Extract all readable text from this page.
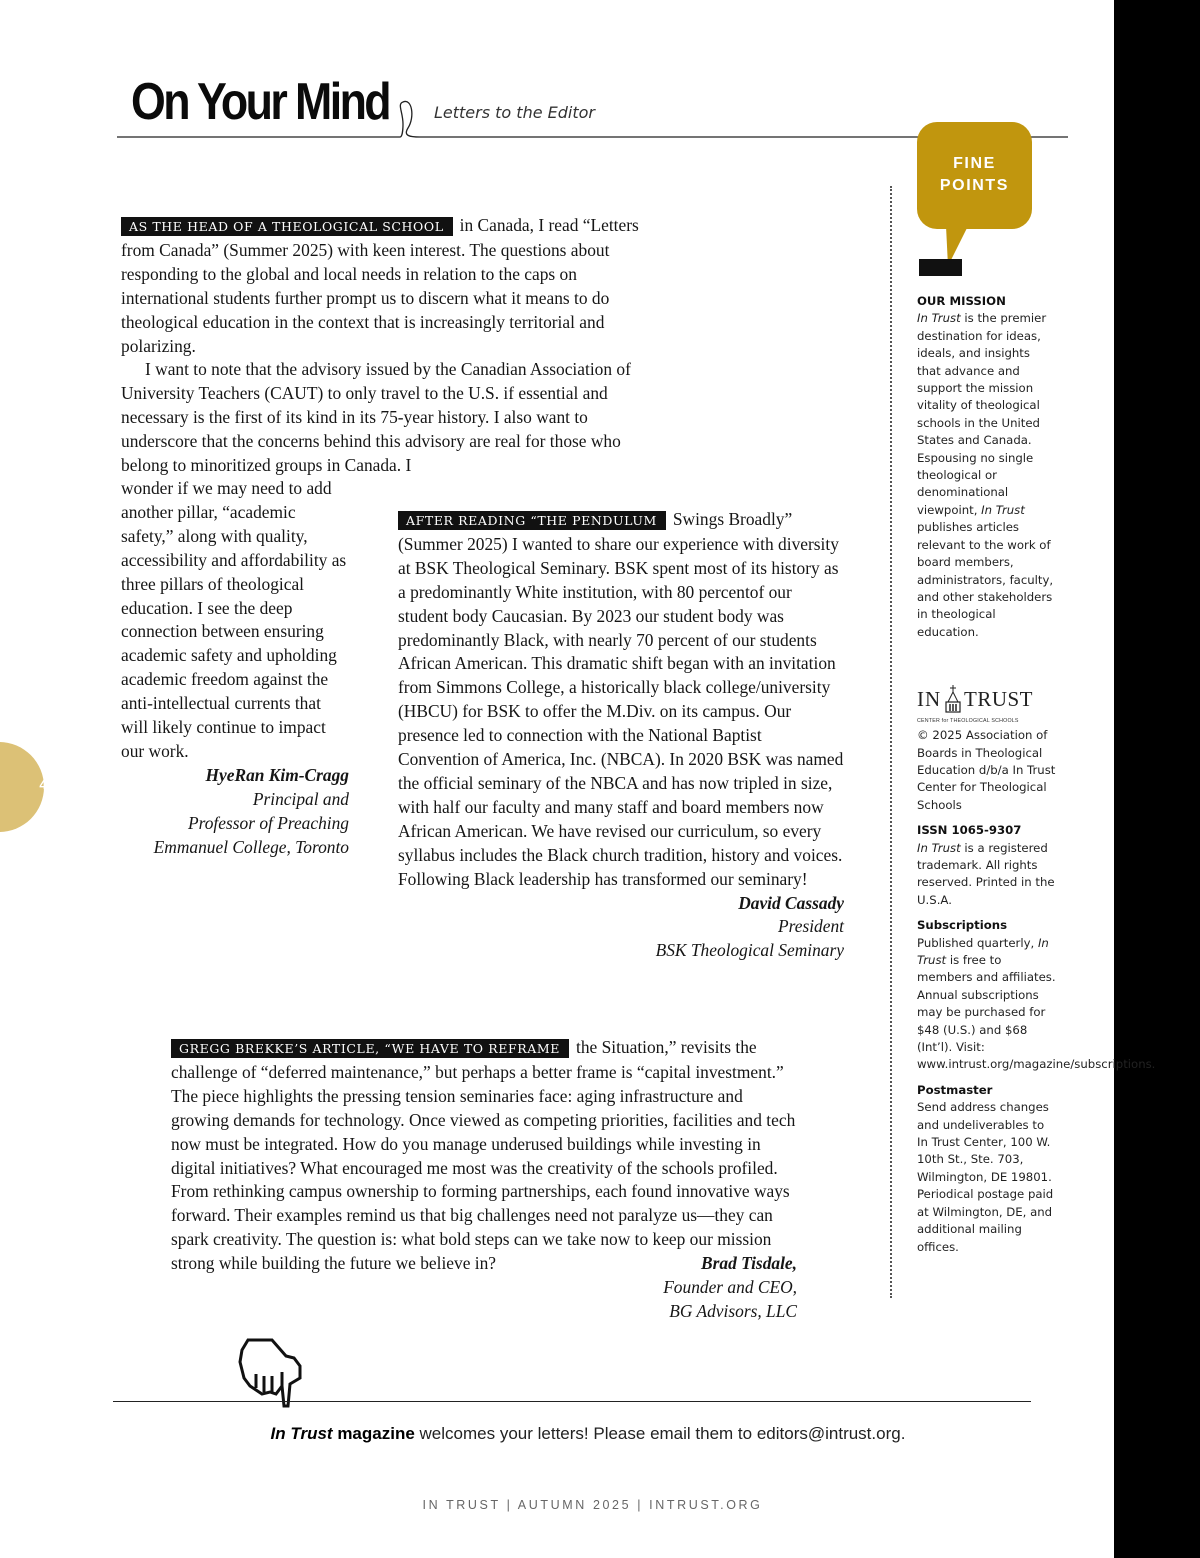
On Your Mind	Letters to the Editor

AS THE HEAD OF A THEOLOGICAL SCHOOL in Canada, I read “Letters from Canada” (Summer 2025) with keen interest. The questions about responding to the global and local needs in relation to the caps on international students further prompt us to discern what it means to do theological education in the context that is increasingly territorial and polarizing.

I want to note that the advisory issued by the Canadian Association of University Teachers (CAUT) to only travel to the U.S. if essential and necessary is the first of its kind in its 75-year history. I also want to underscore that the concerns behind this advisory are real for those who belong to minoritized groups in Canada. I

wonder if we may need to add another pillar, “academic safety,” along with quality, accessibility and affordability as three pillars of theological education. I see the deep connection between ensuring academic safety and upholding academic freedom against the anti-intellectual currents that will likely continue to impact our work.

HyeRan Kim-Cragg
Principal and
Professor of Preaching
Emmanuel College, Toronto

AFTER READING “THE PENDULUM Swings Broadly” (Summer 2025) I wanted to share our experience with diversity at BSK Theological Seminary. BSK spent most of its history as a predominantly White institution, with 80 percentof our student body Caucasian. By 2023 our student body was predominantly Black, with nearly 70 percent of our students African American. This dramatic shift began with an invitation from Simmons College, a historically black college/university (HBCU) for BSK to offer the M.Div. on its campus. Our presence led to connection with the National Baptist Convention of America, Inc. (NBCA). In 2020 BSK was named the official seminary of the NBCA and has now tripled in size, with half our faculty and many staff and board members now African American. We have revised our curriculum, so every syllabus includes the Black church tradition, history and voices. Following Black leadership has transformed our seminary!

David Cassady
President
BSK Theological Seminary

GREGG BREKKE’S ARTICLE, “WE HAVE TO REFRAME the Situation,” revisits the challenge of “deferred maintenance,” but perhaps a better frame is “capital investment.” The piece highlights the pressing tension seminaries face: aging infrastructure and growing demands for technology. Once viewed as competing priorities, facilities and tech now must be integrated. How do you manage underused buildings while investing in digital initiatives? What encouraged me most was the creativity of the schools profiled. From rethinking campus ownership to forming partnerships, each found innovative ways forward. Their examples remind us that big challenges need not paralyze us—they can spark creativity. The question is: what bold steps can we take now to keep our mission strong while building the future we believe in?	Brad Tisdale,
Founder and CEO,
BG Advisors, LLC
FINE
POINTS

OUR MISSION

In Trust is the premier destination for ideas, ideals, and insights that advance and support the mission vitality of theological schools in the United States and Canada. Espousing no single theological or denominational viewpoint, In Trust publishes articles relevant to the work of board members, administrators, faculty, and other stakeholders in theological education.

IN TRUST
CENTER for THEOLOGICAL SCHOOLS

© 2025 Association of Boards in Theological Education d/b/a In Trust Center for Theological Schools

ISSN 1065-9307

In Trust is a registered trademark. All rights reserved. Printed in the U.S.A.

Subscriptions

Published quarterly, In Trust is free to members and affiliates. Annual subscriptions may be purchased for $48 (U.S.) and $68 (Int’l). Visit: www.intrust.org/magazine/subscriptions.

Postmaster

Send address changes and undeliverables to In Trust Center, 100 W. 10th St., Ste. 703, Wilmington, DE 19801. Periodical postage paid at Wilmington, DE, and additional mailing offices.

4
In Trust magazine welcomes your letters! Please email them to editors@intrust.org.
IN TRUST | AUTUMN 2025 | INTRUST.ORG
